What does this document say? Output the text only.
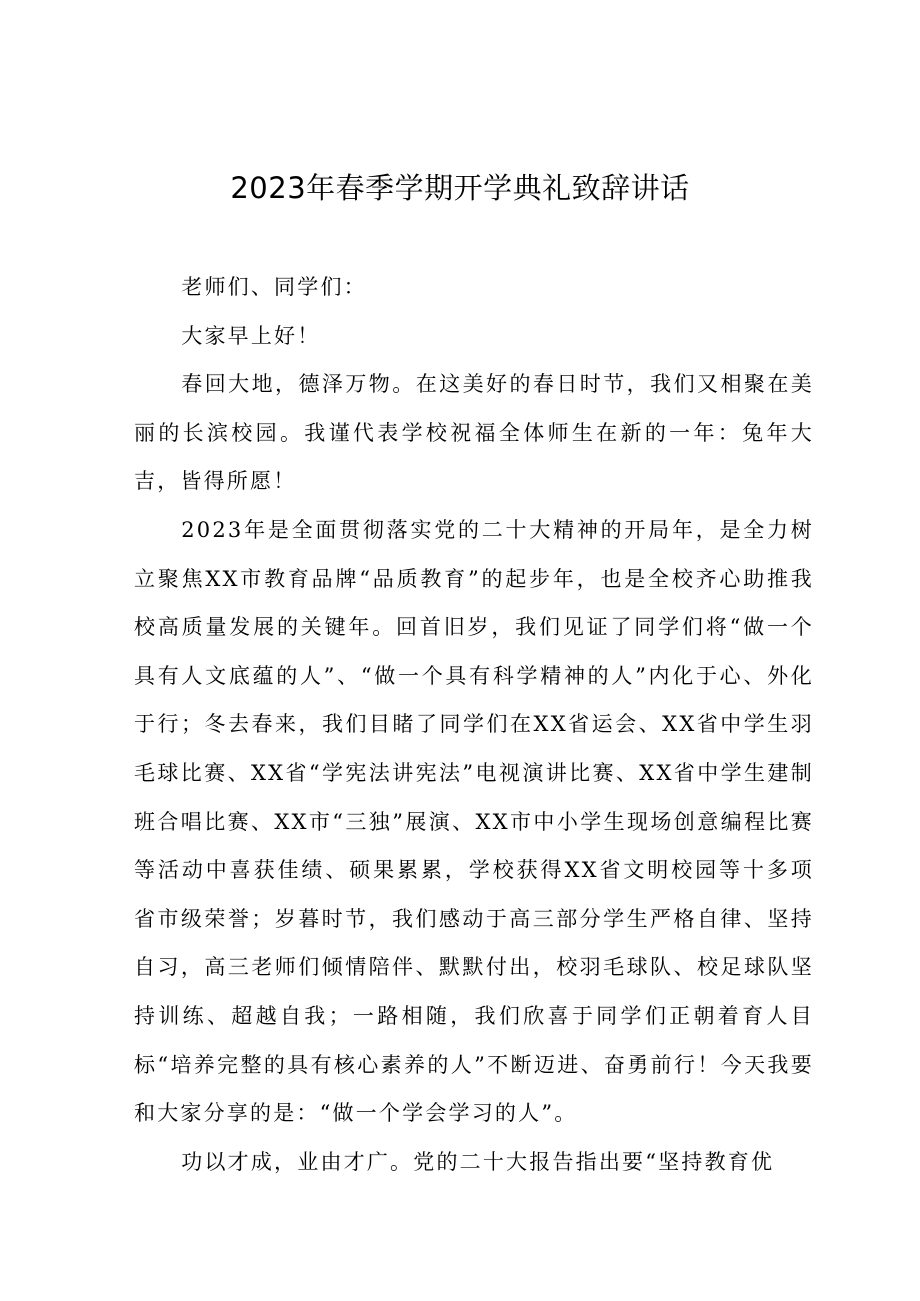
2023年春季学期开学典礼致辞讲话

老师们、同学们：

大家早上好！

春回大地，德泽万物。在这美好的春日时节，我们又相聚在美丽的长滨校园。我谨代表学校祝福全体师生在新的一年：兔年大吉，皆得所愿！

2023年是全面贯彻落实党的二十大精神的开局年，是全力树立聚焦XX市教育品牌“品质教育”的起步年，也是全校齐心助推我校高质量发展的关键年。回首旧岁，我们见证了同学们将“做一个具有人文底蕴的人”、“做一个具有科学精神的人”内化于心、外化于行；冬去春来，我们目睹了同学们在XX省运会、XX省中学生羽毛球比赛、XX省“学宪法讲宪法”电视演讲比赛、XX省中学生建制班合唱比赛、XX市“三独”展演、XX市中小学生现场创意编程比赛等活动中喜获佳绩、硕果累累，学校获得XX省文明校园等十多项省市级荣誉；岁暮时节，我们感动于高三部分学生严格自律、坚持自习，高三老师们倾情陪伴、默默付出，校羽毛球队、校足球队坚持训练、超越自我；一路相随，我们欣喜于同学们正朝着育人目标“培养完整的具有核心素养的人”不断迈进、奋勇前行！今天我要和大家分享的是：“做一个学会学习的人”。

功以才成，业由才广。党的二十大报告指出要“坚持教育优
